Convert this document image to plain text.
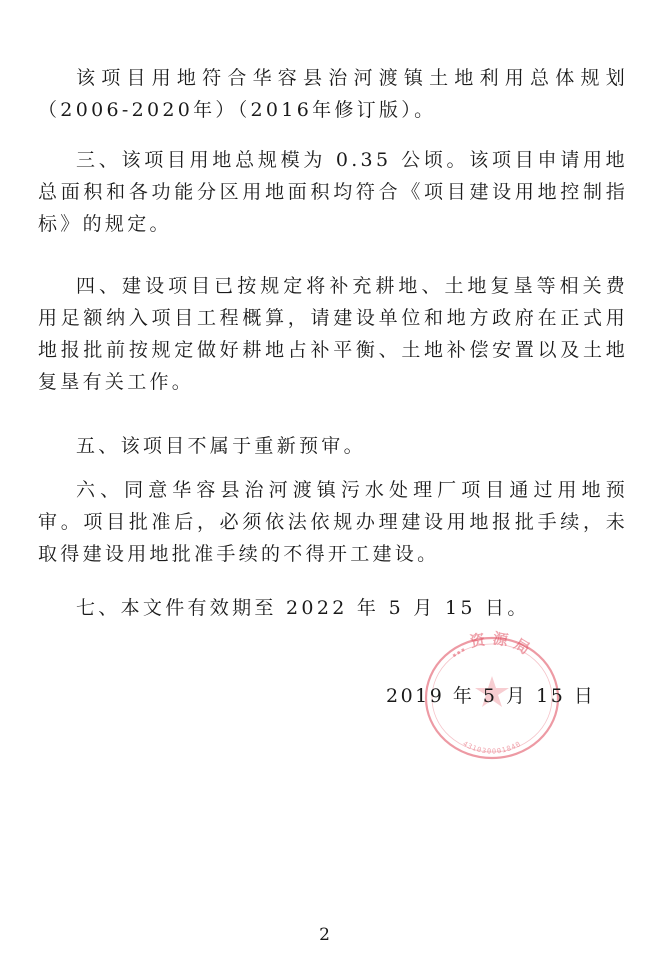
该项目用地符合华容县治河渡镇土地利用总体规划（2006-2020年）（2016年修订版）。

三、该项目用地总规模为 0.35 公顷。该项目申请用地总面积和各功能分区用地面积均符合《项目建设用地控制指标》的规定。

四、建设项目已按规定将补充耕地、土地复垦等相关费用足额纳入项目工程概算，请建设单位和地方政府在正式用地报批前按规定做好耕地占补平衡、土地补偿安置以及土地复垦有关工作。

五、该项目不属于重新预审。

六、同意华容县治河渡镇污水处理厂项目通过用地预审。项目批准后，必须依法依规办理建设用地报批手续，未取得建设用地批准手续的不得开工建设。

七、本文件有效期至 2022 年 5 月 15 日。

…资源局
431030001840
2019 年 5 月 15 日
2
